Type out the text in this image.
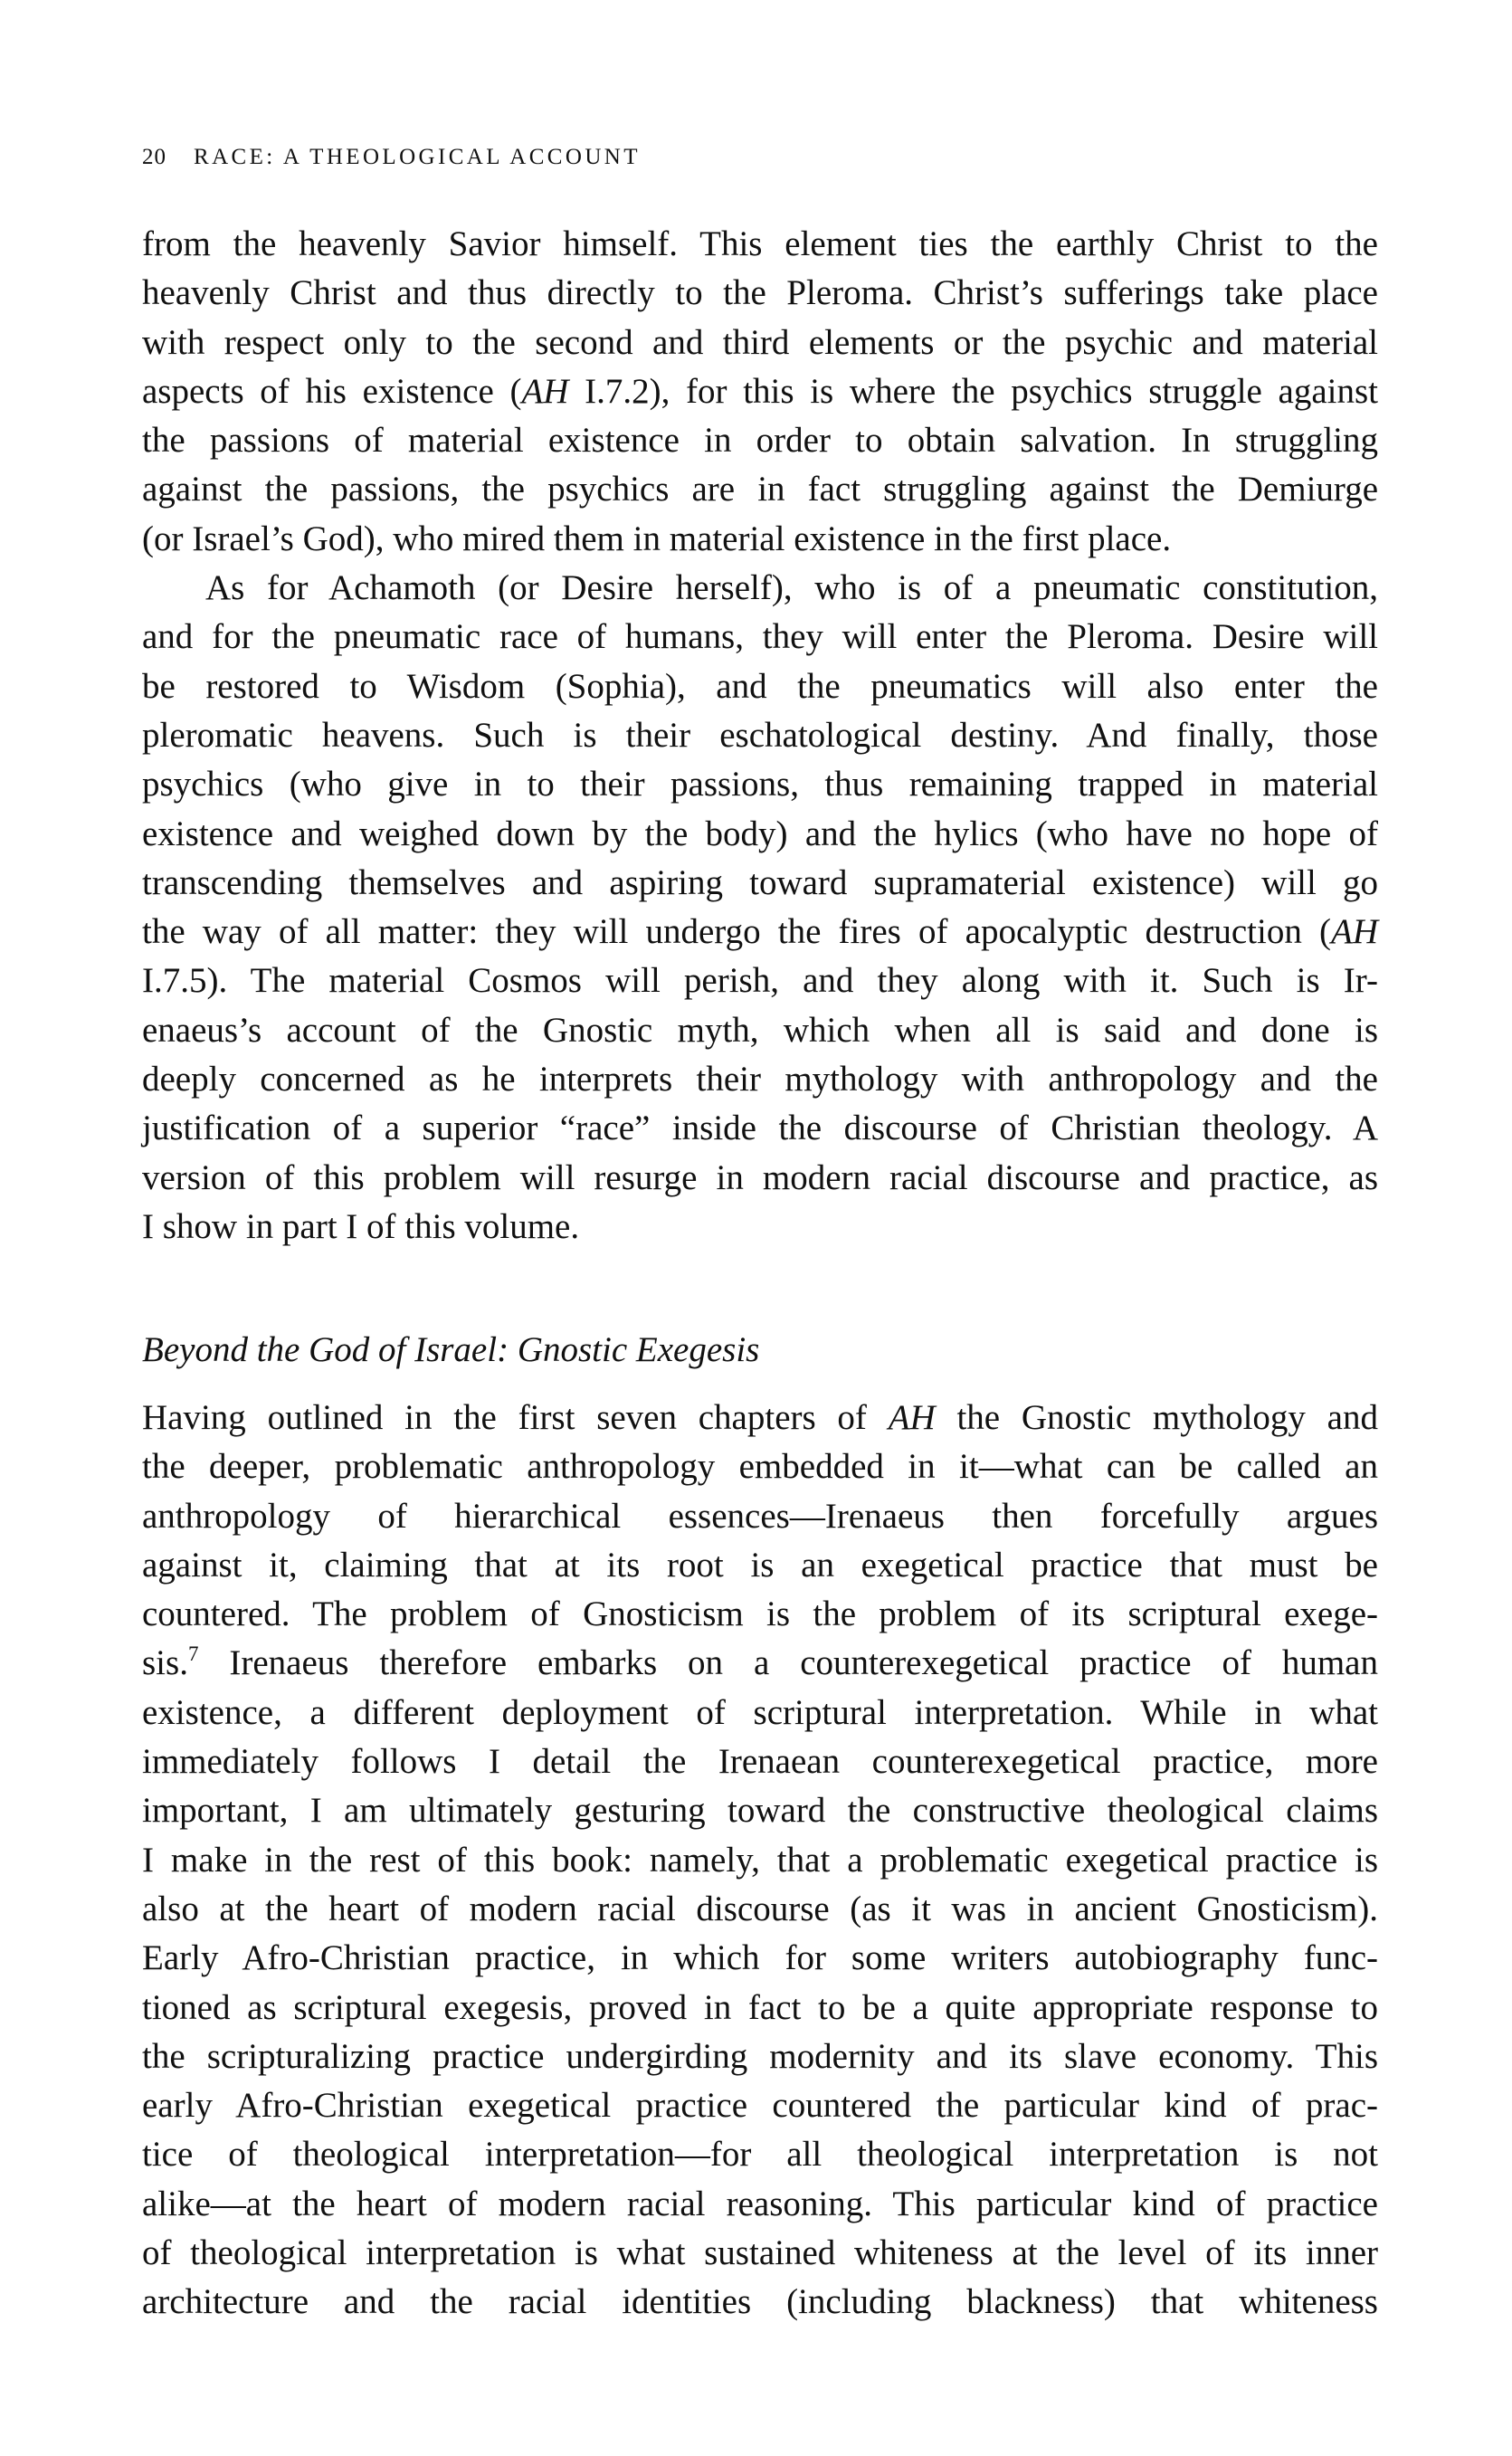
20 RACE: A THEOLOGICAL ACCOUNT
from the heavenly Savior himself. This element ties the earthly Christ to the
heavenly Christ and thus directly to the Pleroma. Christ’s sufferings take place
with respect only to the second and third elements or the psychic and material
aspects of his existence (AH I.7.2), for this is where the psychics struggle against
the passions of material existence in order to obtain salvation. In struggling
against the passions, the psychics are in fact struggling against the Demiurge
(or Israel’s God), who mired them in material existence in the first place.
As for Achamoth (or Desire herself), who is of a pneumatic constitution,
and for the pneumatic race of humans, they will enter the Pleroma. Desire will
be restored to Wisdom (Sophia), and the pneumatics will also enter the
pleromatic heavens. Such is their eschatological destiny. And finally, those
psychics (who give in to their passions, thus remaining trapped in material
existence and weighed down by the body) and the hylics (who have no hope of
transcending themselves and aspiring toward supramaterial existence) will go
the way of all matter: they will undergo the fires of apocalyptic destruction (AH
I.7.5). The material Cosmos will perish, and they along with it. Such is Ir-
enaeus’s account of the Gnostic myth, which when all is said and done is
deeply concerned as he interprets their mythology with anthropology and the
justification of a superior “race” inside the discourse of Christian theology. A
version of this problem will resurge in modern racial discourse and practice, as
I show in part I of this volume.
Beyond the God of Israel: Gnostic Exegesis
Having outlined in the first seven chapters of AH the Gnostic mythology and
the deeper, problematic anthropology embedded in it—what can be called an
anthropology of hierarchical essences—Irenaeus then forcefully argues
against it, claiming that at its root is an exegetical practice that must be
countered. The problem of Gnosticism is the problem of its scriptural exege-
sis.$^7$ Irenaeus therefore embarks on a counterexegetical practice of human
existence, a different deployment of scriptural interpretation. While in what
immediately follows I detail the Irenaean counterexegetical practice, more
important, I am ultimately gesturing toward the constructive theological claims
I make in the rest of this book: namely, that a problematic exegetical practice is
also at the heart of modern racial discourse (as it was in ancient Gnosticism).
Early Afro-Christian practice, in which for some writers autobiography func-
tioned as scriptural exegesis, proved in fact to be a quite appropriate response to
the scripturalizing practice undergirding modernity and its slave economy. This
early Afro-Christian exegetical practice countered the particular kind of prac-
tice of theological interpretation—for all theological interpretation is not
alike—at the heart of modern racial reasoning. This particular kind of practice
of theological interpretation is what sustained whiteness at the level of its inner
architecture and the racial identities (including blackness) that whiteness
